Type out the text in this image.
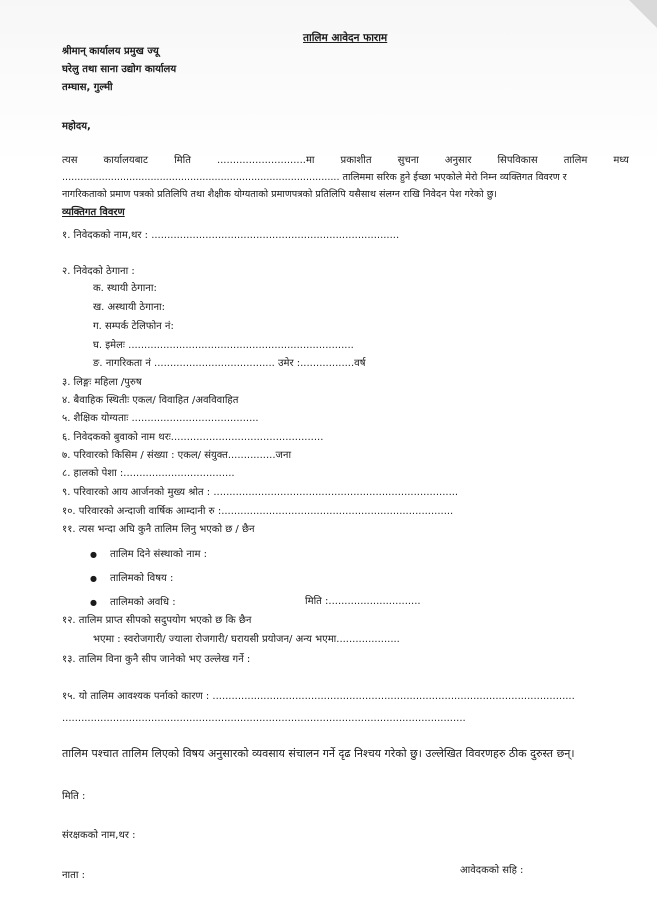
तालिम आवेदन फाराम
श्रीमान् कार्यालय प्रमुख ज्यू
घरेलु तथा साना उद्योग कार्यालय
तम्घास, गुल्मी
महोदय,
त्यस	कार्यालयबाट	मिति	............................मा	प्रकाशीत	सुचना	अनुसार	सिपविकास	तालिम	मध्य
........................................................................................... तालिममा सरिक हुने ईच्छा भएकोले मेरो निम्न व्यक्तिगत विवरण र
नागरिकताको प्रमाण पत्रको प्रतिलिपि तथा शैक्षीक योग्यताको प्रमाणपत्रको प्रतिलिपि यसैसाथ संलग्न राखि निवेदन पेश गरेको छु।
व्यक्तिगत विवरण
१. निवेदकको नाम,थर : ..............................................................................
२. निवेदको ठेगाना :
क. स्थायी ठेगाना:
ख. अस्थायी ठेगाना:
ग. सम्पर्क टेलिफोन नं:
घ. इमेलः .......................................................................
ङ. नागरिकता नं ...................................... उमेर :.................वर्ष
३. लिङ्गः महिला /पुरुष
४. बैवाहिक स्थितीः एकल/ विवाहित /अवविवाहित
५. शैक्षिक योग्यताः ........................................
६. निवेदकको बुवाको नाम थरः................................................
७. परिवारको किसिम / संख्या : एकल/ संयुक्त...............जना
८. हालको पेशा :...................................
९. परिवारको आय आर्जनको मुख्य श्रोत : .............................................................................
१०. परिवारको अन्दाजी वार्षिक आम्दानी रु :.........................................................................
११. त्यस भन्दा अघि कुनै तालिम लिनु भएको छ / छैन
● तालिम दिने संस्थाको नाम :
● तालिमको विषय :
● तालिमको अवधि :	मिति :.............................
१२. तालिम प्राप्त सीपको सदुपयोग भएको छ कि छैन
भएमा : स्वरोजगारी/ ज्याला रोजगारी/ घरायसी प्रयोजन/ अन्य भएमा....................
१३. तालिम विना कुनै सीप जानेको भए उल्लेख गर्ने :
१५. यो तालिम आवश्यक पर्नाको कारण : ..................................................................................................................
...............................................................................................................................
तालिम पश्चात तालिम लिएको विषय अनुसारको व्यवसाय संचालन गर्ने दृढ निश्चय गरेको छु। उल्लेखित विवरणहरु ठीक दुरुस्त छन्।
मिति :
संरक्षकको नाम,थर :
नाता :	आवेदकको सहि :
